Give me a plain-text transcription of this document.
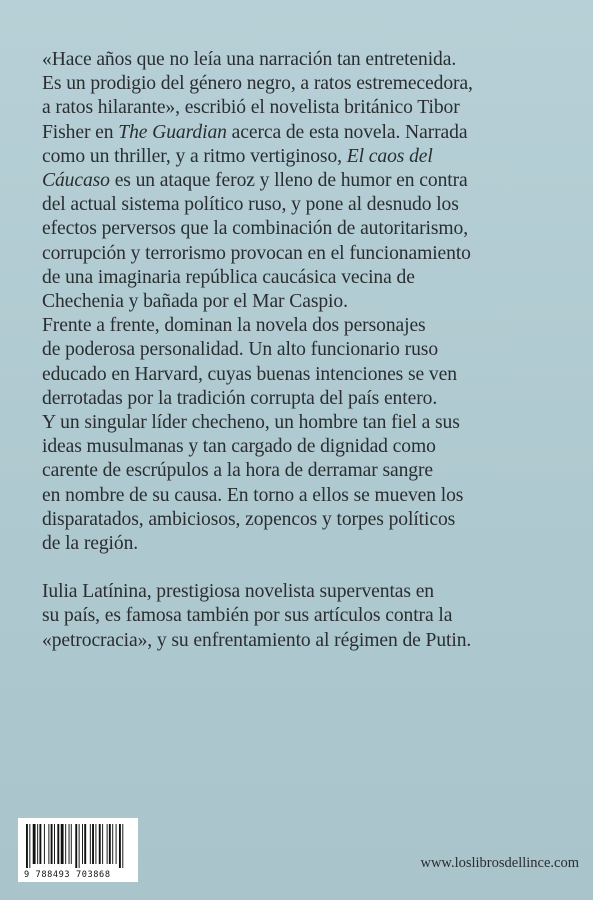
«Hace años que no leía una narración tan entretenida.
Es un prodigio del género negro, a ratos estremecedora,
a ratos hilarante», escribió el novelista británico Tibor
Fisher en The Guardian acerca de esta novela. Narrada
como un thriller, y a ritmo vertiginoso, El caos del
Cáucaso es un ataque feroz y lleno de humor en contra
del actual sistema político ruso, y pone al desnudo los
efectos perversos que la combinación de autoritarismo,
corrupción y terrorismo provocan en el funcionamiento
de una imaginaria república caucásica vecina de
Chechenia y bañada por el Mar Caspio.
Frente a frente, dominan la novela dos personajes
de poderosa personalidad. Un alto funcionario ruso
educado en Harvard, cuyas buenas intenciones se ven
derrotadas por la tradición corrupta del país entero.
Y un singular líder checheno, un hombre tan fiel a sus
ideas musulmanas y tan cargado de dignidad como
carente de escrúpulos a la hora de derramar sangre
en nombre de su causa. En torno a ellos se mueven los
disparatados, ambiciosos, zopencos y torpes políticos
de la región.
Iulia Latínina, prestigiosa novelista superventas en
su país, es famosa también por sus artículos contra la
«petrocracia», y su enfrentamiento al régimen de Putin.
9 788493 703868
www.loslibrosdellince.com
